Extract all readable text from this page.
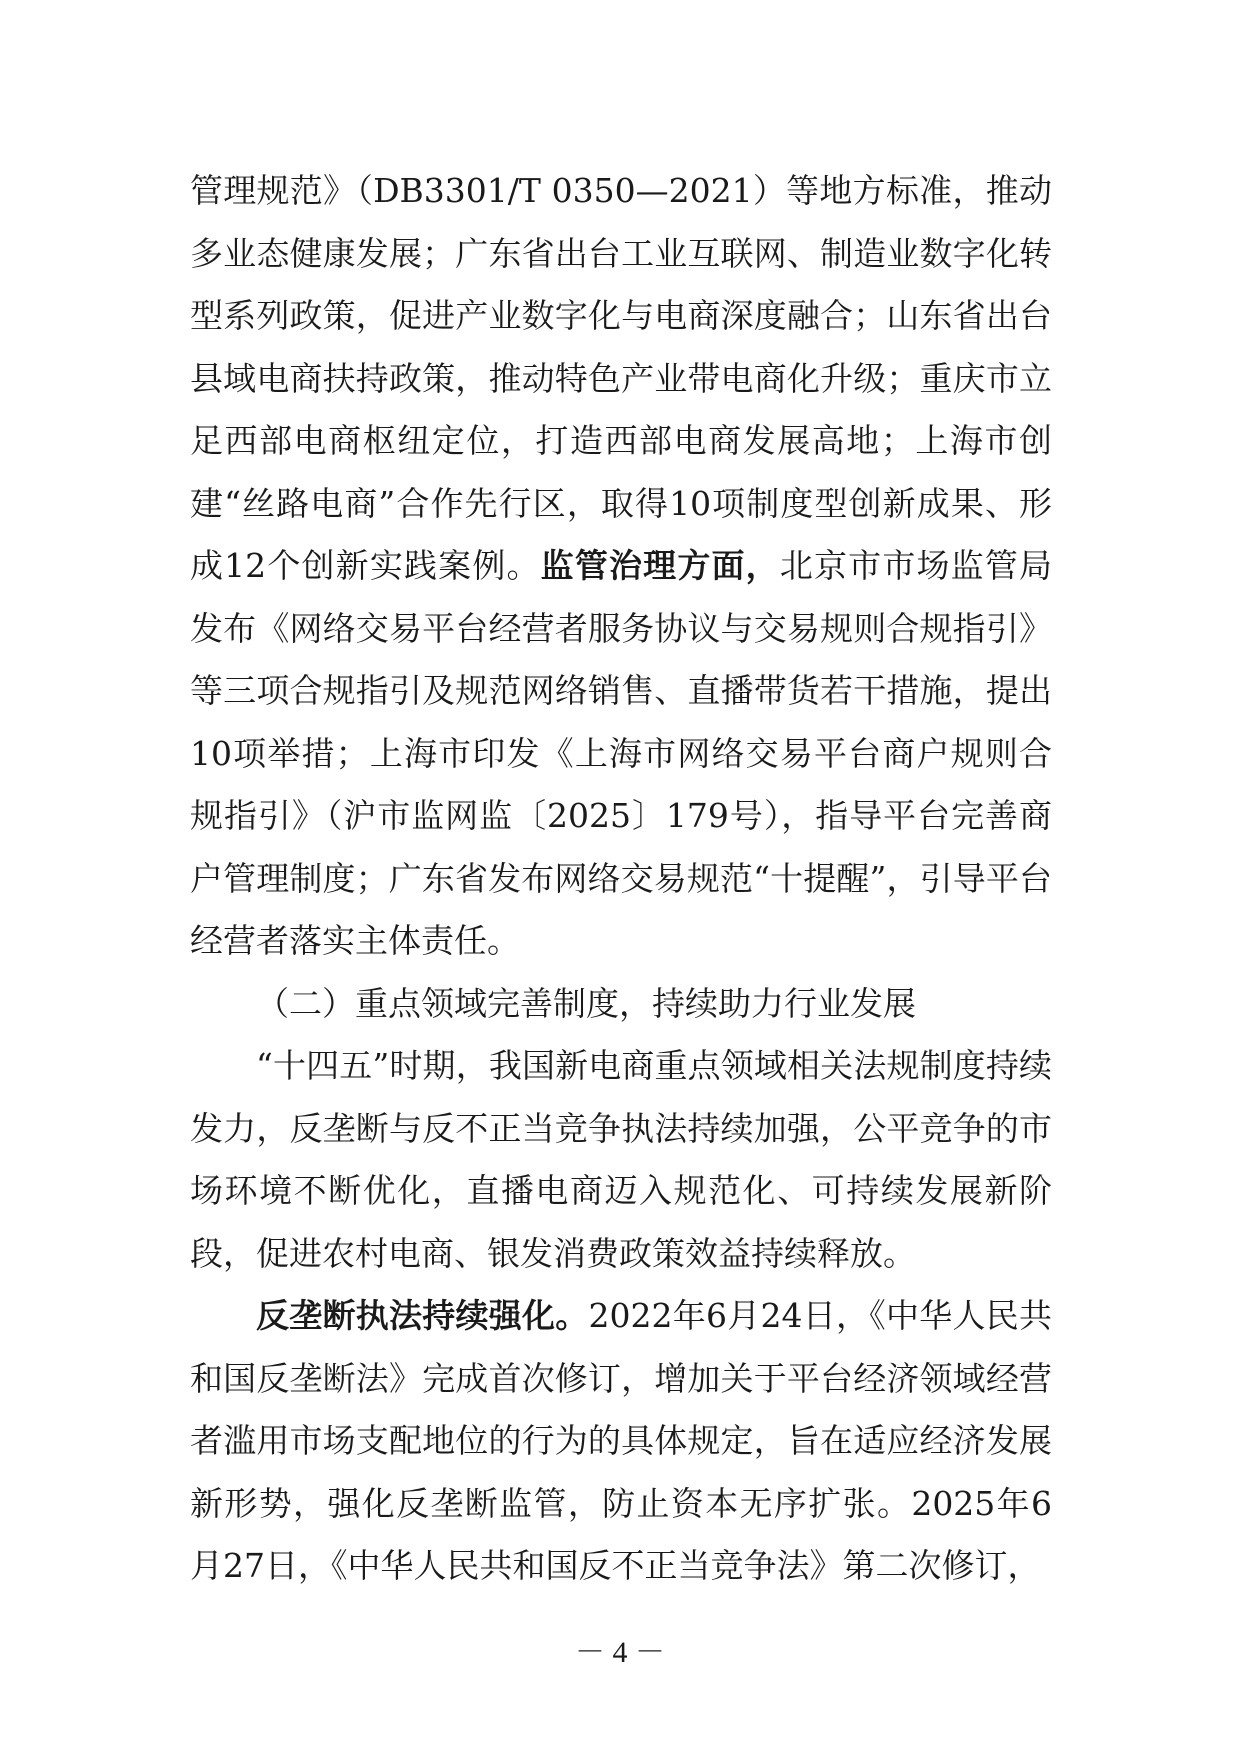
管理规范》（DB3301/T 0350—2021）等地方标准，推动多业态健康发展；广东省出台工业互联网、制造业数字化转型系列政策，促进产业数字化与电商深度融合；山东省出台县域电商扶持政策，推动特色产业带电商化升级；重庆市立足西部电商枢纽定位，打造西部电商发展高地；上海市创建“丝路电商”合作先行区，取得10项制度型创新成果、形成12个创新实践案例。监管治理方面，北京市市场监管局发布《网络交易平台经营者服务协议与交易规则合规指引》等三项合规指引及规范网络销售、直播带货若干措施，提出10项举措；上海市印发《上海市网络交易平台商户规则合规指引》（沪市监网监〔2025〕179号），指导平台完善商户管理制度；广东省发布网络交易规范“十提醒”，引导平台经营者落实主体责任。

（二）重点领域完善制度，持续助力行业发展

“十四五”时期，我国新电商重点领域相关法规制度持续发力，反垄断与反不正当竞争执法持续加强，公平竞争的市场环境不断优化，直播电商迈入规范化、可持续发展新阶段，促进农村电商、银发消费政策效益持续释放。

反垄断执法持续强化。2022年6月24日，《中华人民共和国反垄断法》完成首次修订，增加关于平台经济领域经营者滥用市场支配地位的行为的具体规定，旨在适应经济发展新形势，强化反垄断监管，防止资本无序扩张。2025年6月27日，《中华人民共和国反不正当竞争法》第二次修订，

－ 4 －
